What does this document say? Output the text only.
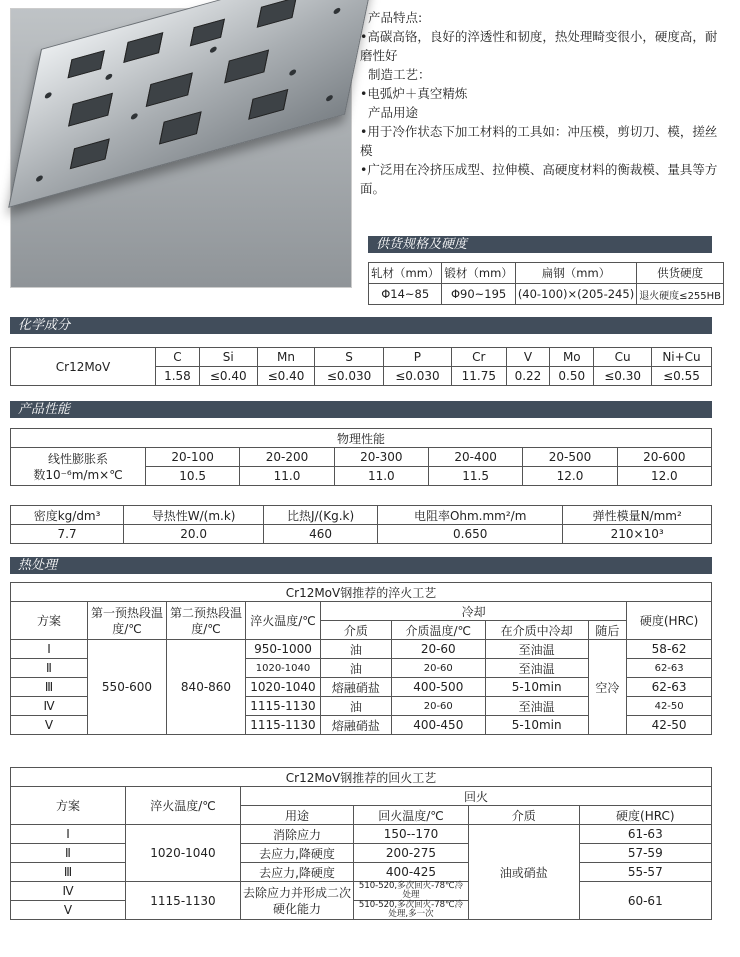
产品特点:
•高碳高铬，良好的淬透性和韧度，热处理畸变很小，硬度高，耐磨性好
制造工艺：
•电弧炉＋真空精炼
产品用途
•用于冷作状态下加工材料的工具如：冲压模，剪切刀、模，搓丝模
•广泛用在冷挤压成型、拉伸模、高硬度材料的衡裁模、量具等方面。
供货规格及硬度
轧材（mm）	锻材（mm）	扁钢（mm）	供货硬度
Φ14~85	Φ90~195	(40-100)×(205-245)	退火硬度≤255HB
化学成分
Cr12MoV	C	Si	Mn	S	P	Cr	V	Mo	Cu	Ni+Cu
	1.58	≤0.40	≤0.40	≤0.030	≤0.030	11.75	0.22	0.50	≤0.30	≤0.55
产品性能
物理性能						

线性膨胀系
数10⁻⁶m/m×℃	20-100	20-200	20-300	20-400	20-500	20-600
	10.5	11.0	11.0	11.5	12.0	12.0
密度kg/dm³	导热性W/(m.k)	比热J/(Kg.k)	电阻率Ohm.mm²/m	弹性模量N/mm²
7.7	20.0	460	0.650	210×10³
热处理
Cr12MoV钢推荐的淬火工艺								
方案	第一预热段温度/℃	第二预热段温度/℃	淬火温度/℃	冷却				硬度(HRC)
				介质	介质温度/℃	在介质中冷却	随后	
Ⅰ	550-600	840-860	950-1000	油	20-60	至油温	空冷	58-62
Ⅱ			1020-1040	油	20-60	至油温		62-63
Ⅲ			1020-1040	熔融硝盐	400-500	5-10min		62-63
Ⅳ			1115-1130	油	20-60	至油温		42-50
Ⅴ			1115-1130	熔融硝盐	400-450	5-10min		42-50
Cr12MoV钢推荐的回火工艺					
方案	淬火温度/℃	回火			
		用途	回火温度/℃	介质	硬度(HRC)
Ⅰ	1020-1040	消除应力	150--170	油或硝盐	61-63
Ⅱ		去应力,降硬度	200-275		57-59
Ⅲ		去应力,降硬度	400-425		55-57
Ⅳ	1115-1130	去除应力并形成二次硬化能力	510-520,多次回火-78℃冷处理		60-61
Ⅴ			510-520,多次回火-78℃冷处理,多一次		
